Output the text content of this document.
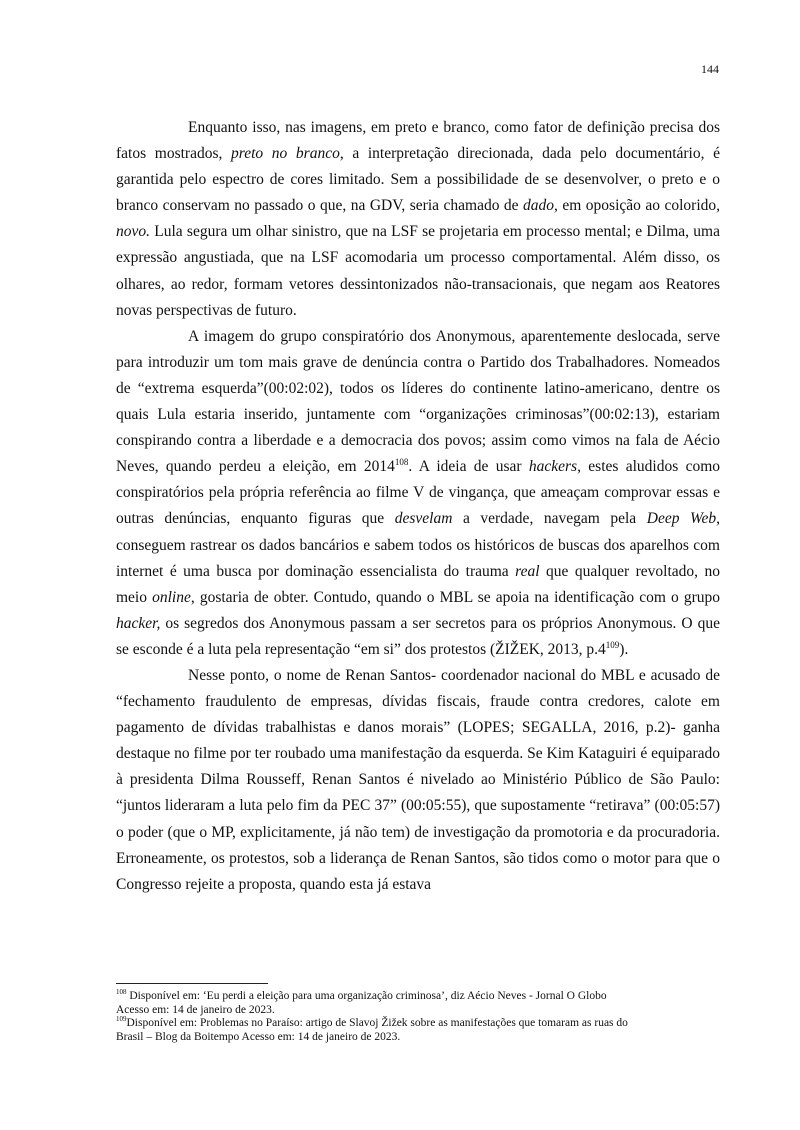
144

Enquanto isso, nas imagens, em preto e branco, como fator de definição precisa dos fatos mostrados, preto no branco, a interpretação direcionada, dada pelo documentário, é garantida pelo espectro de cores limitado. Sem a possibilidade de se desenvolver, o preto e o branco conservam no passado o que, na GDV, seria chamado de dado, em oposição ao colorido, novo. Lula segura um olhar sinistro, que na LSF se projetaria em processo mental; e Dilma, uma expressão angustiada, que na LSF acomodaria um processo comportamental. Além disso, os olhares, ao redor, formam vetores dessintonizados não-transacionais, que negam aos Reatores novas perspectivas de futuro.

A imagem do grupo conspiratório dos Anonymous, aparentemente deslocada, serve para introduzir um tom mais grave de denúncia contra o Partido dos Trabalhadores. Nomeados de “extrema esquerda”(00:02:02), todos os líderes do continente latino-americano, dentre os quais Lula estaria inserido, juntamente com “organizações criminosas”(00:02:13), estariam conspirando contra a liberdade e a democracia dos povos; assim como vimos na fala de Aécio Neves, quando perdeu a eleição, em 2014$^{108}$. A ideia de usar hackers, estes aludidos como conspiratórios pela própria referência ao filme V de vingança, que ameaçam comprovar essas e outras denúncias, enquanto figuras que desvelam a verdade, navegam pela Deep Web, conseguem rastrear os dados bancários e sabem todos os históricos de buscas dos aparelhos com internet é uma busca por dominação essencialista do trauma real que qualquer revoltado, no meio online, gostaria de obter. Contudo, quando o MBL se apoia na identificação com o grupo hacker, os segredos dos Anonymous passam a ser secretos para os próprios Anonymous. O que se esconde é a luta pela representação “em si” dos protestos (ŽIŽEK, 2013, $p.4^{109}$).

Nesse ponto, o nome de Renan Santos- coordenador nacional do MBL e acusado de “fechamento fraudulento de empresas, dívidas fiscais, fraude contra credores, calote em pagamento de dívidas trabalhistas e danos morais” (LOPES; SEGALLA, 2016, p.2)- ganha destaque no filme por ter roubado uma manifestação da esquerda. Se Kim Kataguiri é equiparado à presidenta Dilma Rousseff, Renan Santos é nivelado ao Ministério Público de São Paulo: “juntos lideraram a luta pelo fim da PEC 37” (00:05:55), que supostamente “retirava” (00:05:57) o poder (que o MP, explicitamente, já não tem) de investigação da promotoria e da procuradoria. Erroneamente, os protestos, sob a liderança de Renan Santos, são tidos como o motor para que o Congresso rejeite a proposta, quando esta já estava

$^{108}$ Disponível em: ‘Eu perdi a eleição para uma organização criminosa’, diz Aécio Neves - Jornal O Globo
Acesso em: 14 de janeiro de 2023.

$^{109}$Disponível em: Problemas no Paraíso: artigo de Slavoj Žižek sobre as manifestações que tomaram as ruas do
Brasil – Blog da Boitempo Acesso em: 14 de janeiro de 2023.
